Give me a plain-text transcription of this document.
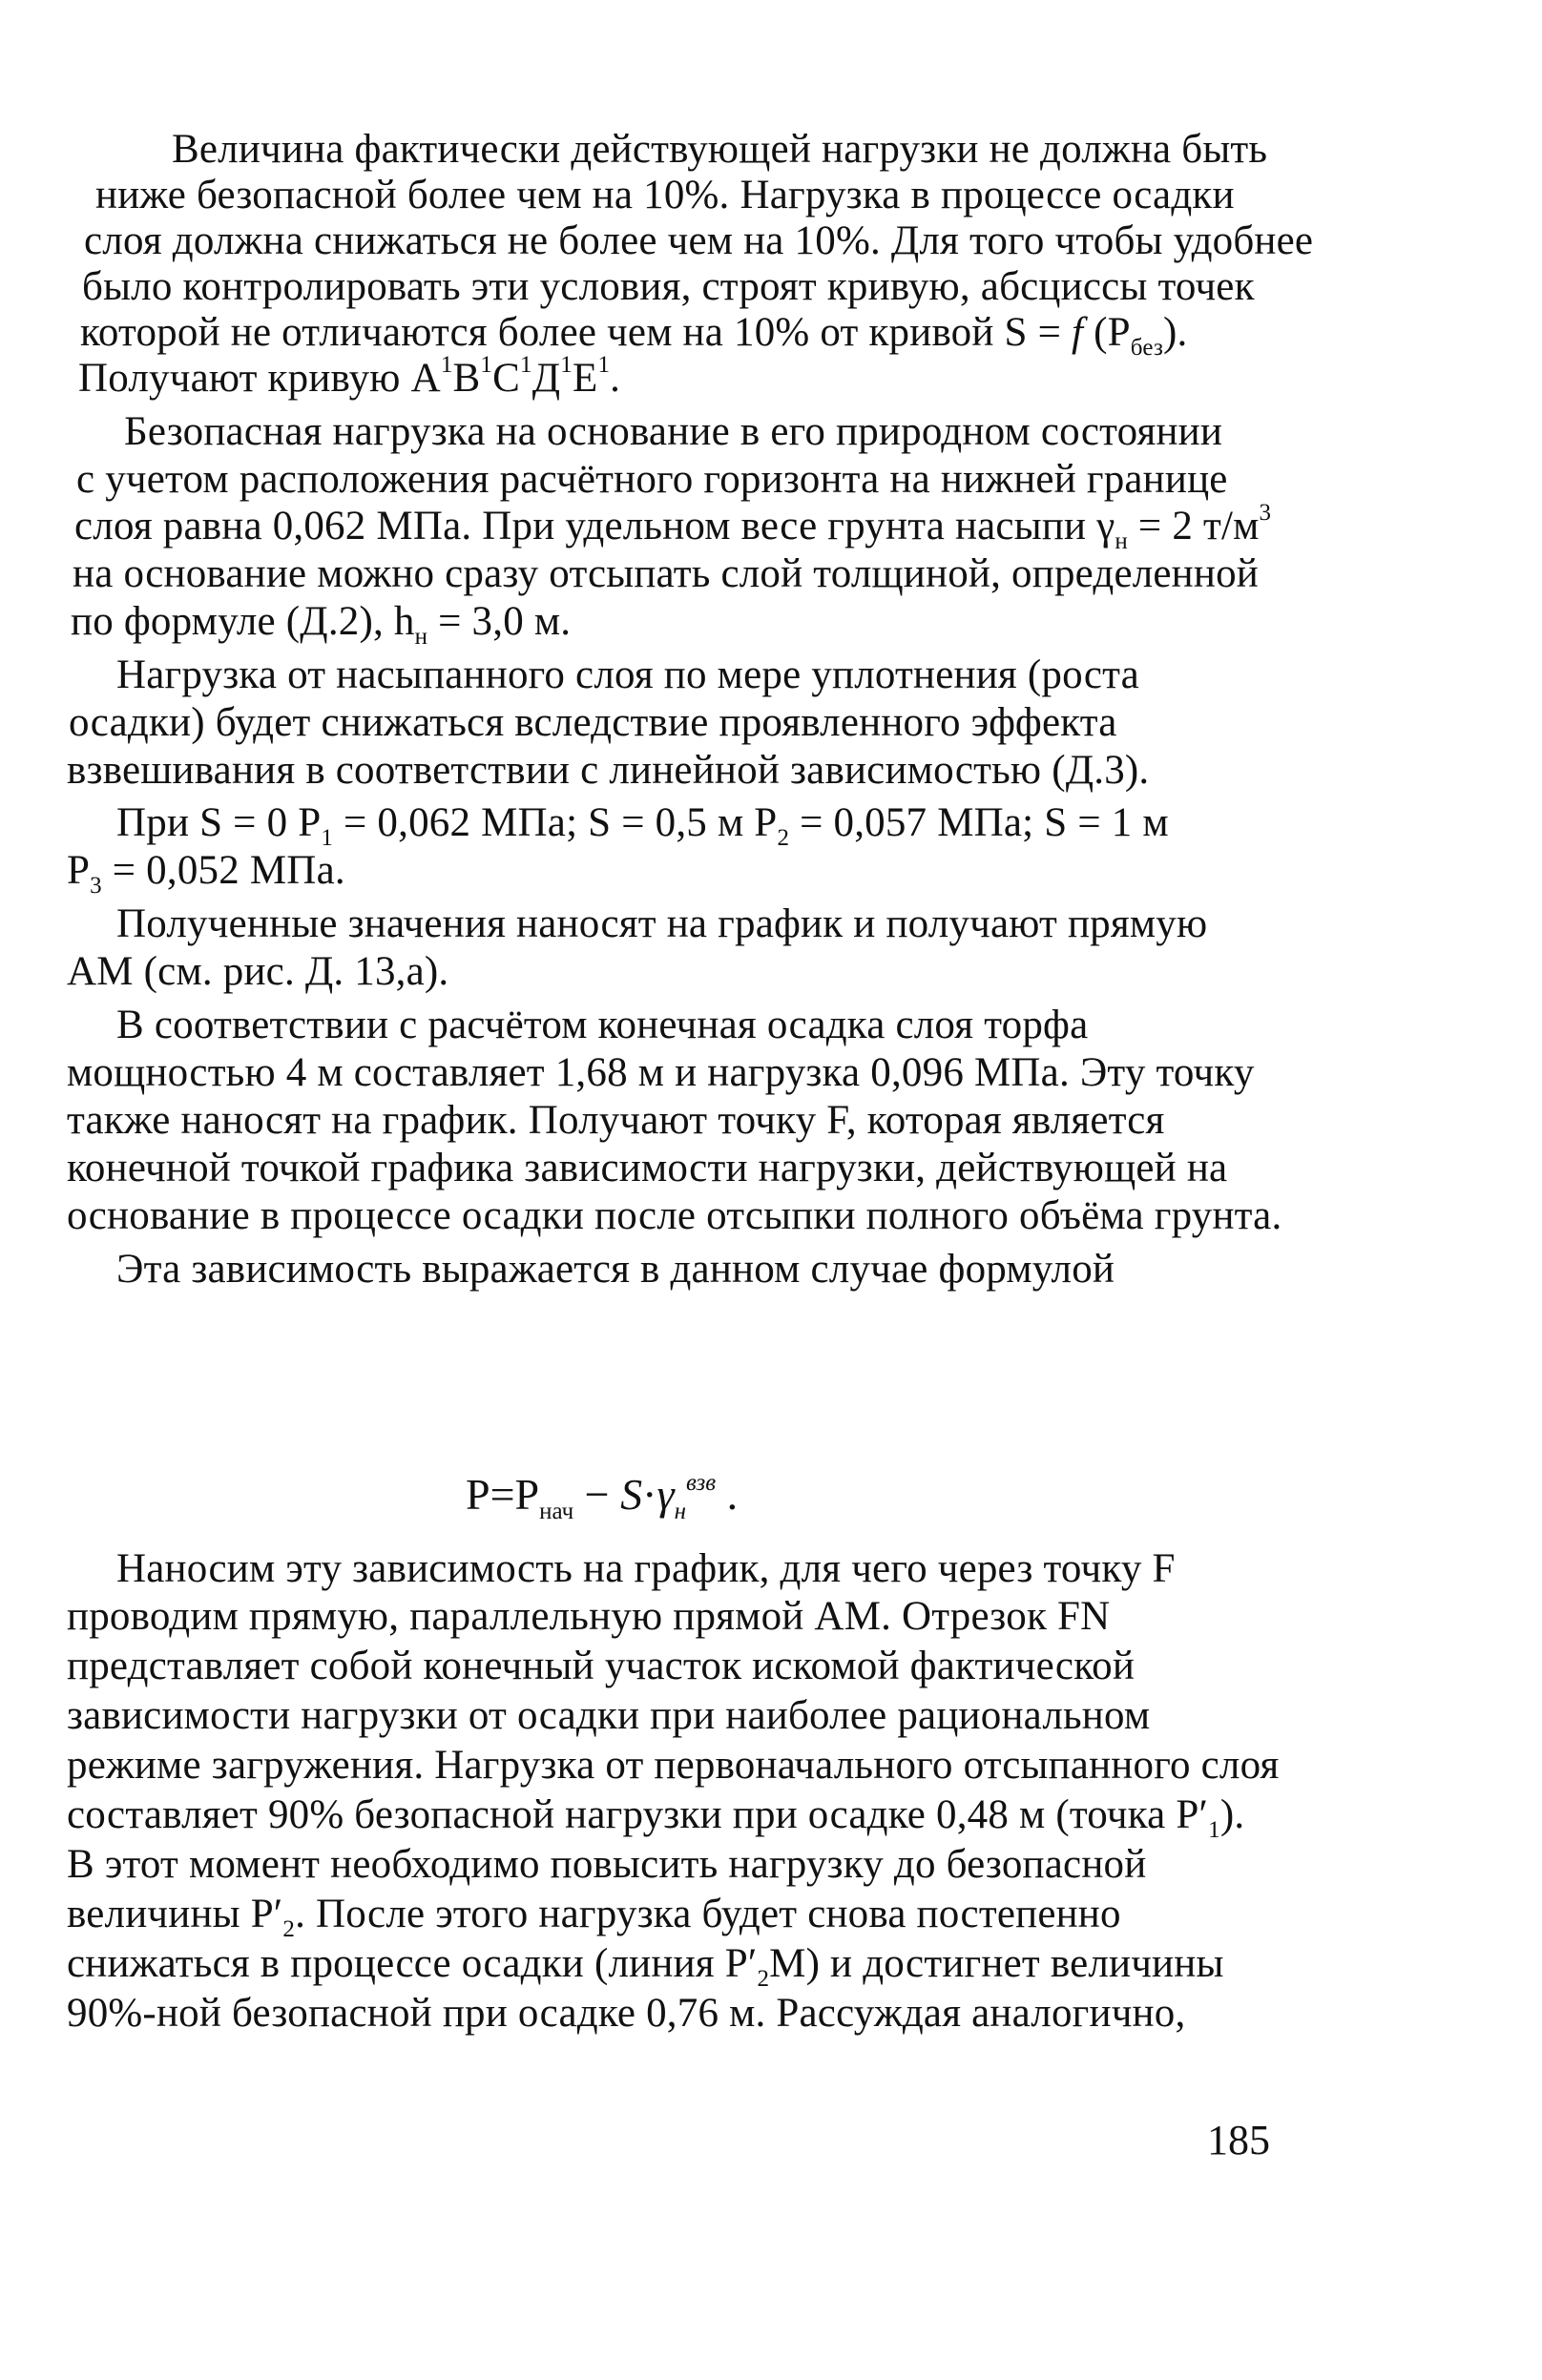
Величина фактически действующей нагрузки не должна быть
ниже безопасной более чем на 10%. Нагрузка в процессе осадки
слоя должна снижаться не более чем на 10%. Для того чтобы удобнее
было контролировать эти условия, строят кривую, абсциссы точек
которой не отличаются более чем на 10% от кривой S = f $(P_{без})$.
Получают кривую $A^1B^1C^1Д^1E^1$.
Безопасная нагрузка на основание в его природном состоянии
с учетом расположения расчётного горизонта на нижней границе
слоя равна 0,062 МПа. При удельном весе грунта насыпи $\gamma_н = 2$ $т/м^3$
на основание можно сразу отсыпать слой толщиной, определенной
по формуле (Д.2), $h_н = 3,0$ м.
Нагрузка от насыпанного слоя по мере уплотнения (роста
осадки) будет снижаться вследствие проявленного эффекта
взвешивания в соответствии с линейной зависимостью (Д.3).
При S = 0 $P_1 = 0,062$ МПа; S = 0,5 м $P_2 = 0,057$ МПа; S = 1 м
$P_3 = 0,052$ МПа.
Полученные значения наносят на график и получают прямую
АМ (см. рис. Д. 13,а).
В соответствии с расчётом конечная осадка слоя торфа
мощностью 4 м составляет 1,68 м и нагрузка 0,096 МПа. Эту точку
также наносят на график. Получают точку F, которая является
конечной точкой графика зависимости нагрузки, действующей на
основание в процессе осадки после отсыпки полного объёма грунта.
Эта зависимость выражается в данном случае формулой
$P=P_{нач} - S\cdot\gamma_н^{взв}$ .
Наносим эту зависимость на график, для чего через точку F
проводим прямую, параллельную прямой AM. Отрезок FN
представляет собой конечный участок искомой фактической
зависимости нагрузки от осадки при наиболее рациональном
режиме загружения. Нагрузка от первоначального отсыпанного слоя
составляет 90% безопасной нагрузки при осадке 0,48 м (точка $P'_1$).
В этот момент необходимо повысить нагрузку до безопасной
величины $P'_2$. После этого нагрузка будет снова постепенно
снижаться в процессе осадки (линия $P'_2M$) и достигнет величины
90%-ной безопасной при осадке 0,76 м. Рассуждая аналогично,
185
